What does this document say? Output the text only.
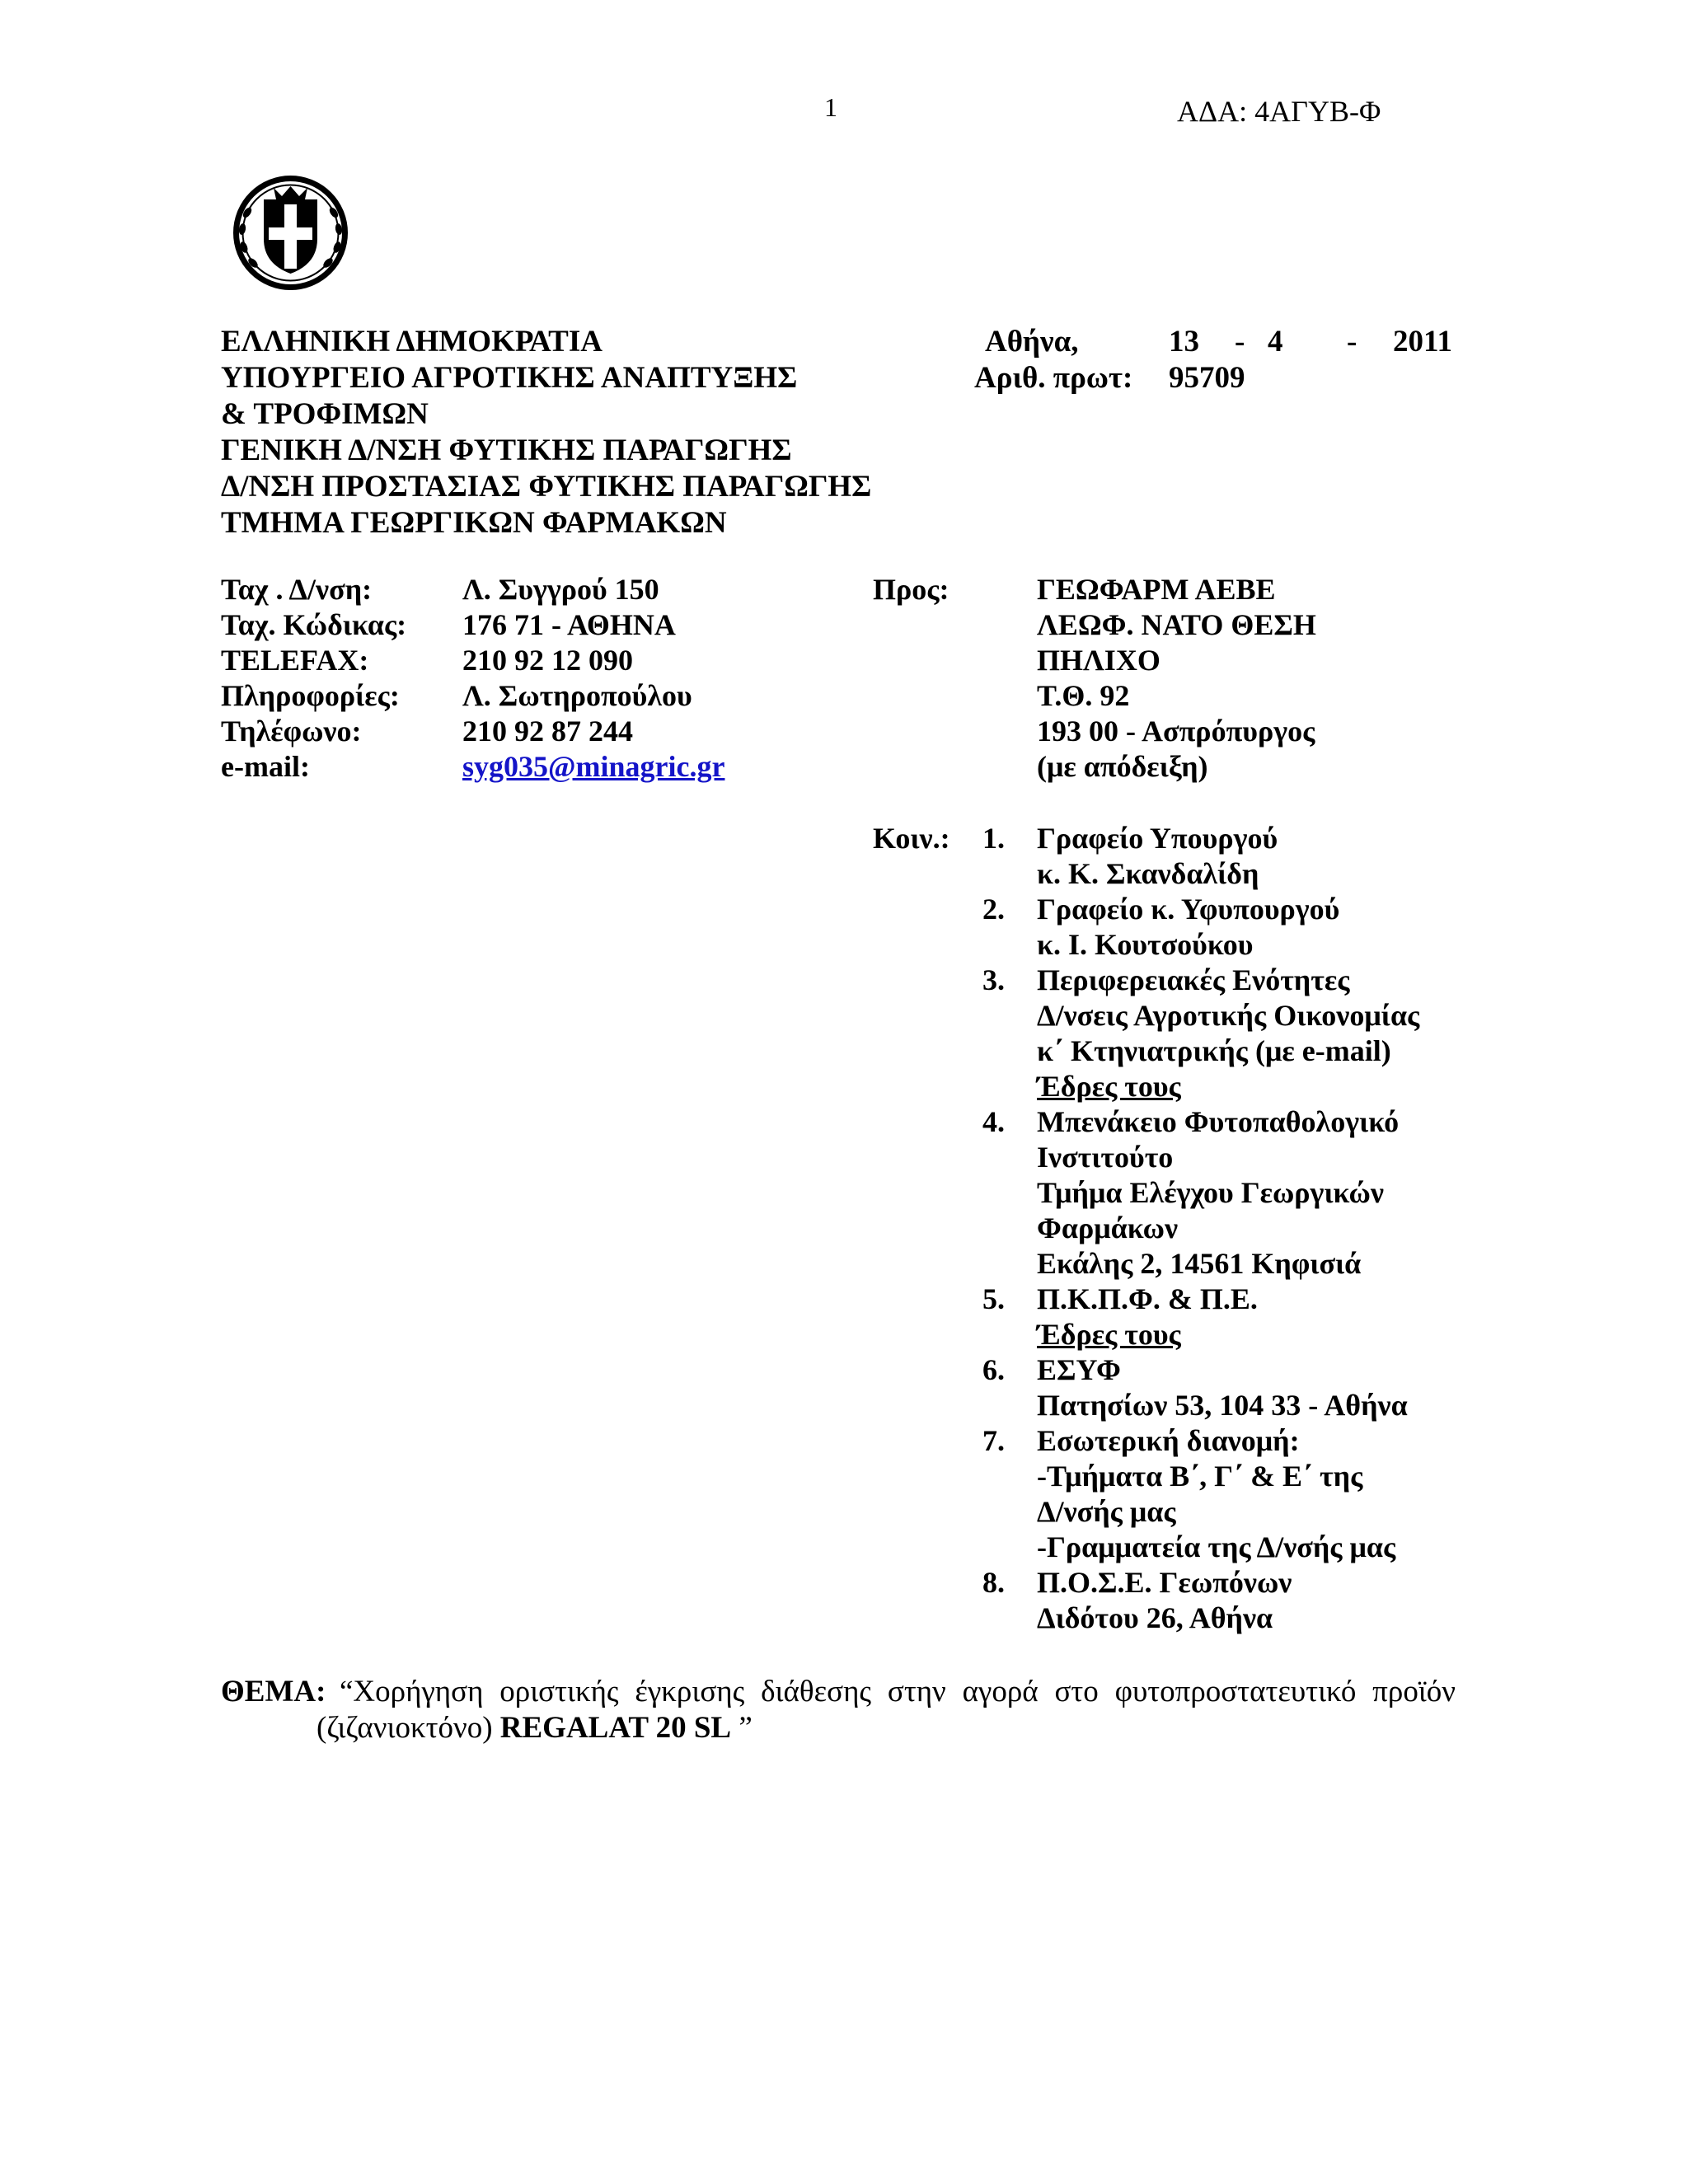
1	ΑΔΑ: 4ΑΓΥΒ-Φ
ΕΛΛΗΝΙΚΗ ΔΗΜΟΚΡΑΤΙΑ
ΥΠΟΥΡΓΕΙΟ ΑΓΡΟΤΙΚΗΣ ΑΝΑΠΤΥΞΗΣ
& ΤΡΟΦΙΜΩΝ
ΓΕΝΙΚΗ Δ/ΝΣΗ ΦΥΤΙΚΗΣ ΠΑΡΑΓΩΓΗΣ
Δ/ΝΣΗ ΠΡΟΣΤΑΣΙΑΣ ΦΥΤΙΚΗΣ ΠΑΡΑΓΩΓΗΣ
ΤΜΗΜΑ ΓΕΩΡΓΙΚΩΝ ΦΑΡΜΑΚΩΝ
Αθήνα,	13 - 4 - 2011
Αριθ. πρωτ: 95709
Ταχ . Δ/νση:	Λ. Συγγρού 150
Ταχ. Κώδικας: 176 71 - ΑΘΗΝΑ
TELEFAX:	210 92 12 090
Πληροφορίες: Λ. Σωτηροπούλου
Τηλέφωνο:	210 92 87 244
e-mail:	syg035@minagric.gr
Προς:	ΓΕΩΦΑΡΜ ΑΕΒΕ
ΛΕΩΦ. ΝΑΤΟ ΘΕΣΗ
ΠΗΛΙΧΟ
Τ.Θ. 92
193 00 - Ασπρόπυργος
(με απόδειξη)
Κοιν.: 1. Γραφείο Υπουργού
κ. Κ. Σκανδαλίδη
2. Γραφείο κ. Υφυπουργού
κ. Ι. Κουτσούκου
3. Περιφερειακές Ενότητες
Δ/νσεις Αγροτικής Οικονομίας
κ΄ Κτηνιατρικής (με e-mail)
Έδρες τους
4. Μπενάκειο Φυτοπαθολογικό
Ινστιτούτο
Τμήμα Ελέγχου Γεωργικών
Φαρμάκων
Εκάλης 2, 14561 Κηφισιά
5. Π.Κ.Π.Φ. & Π.Ε.
Έδρες τους
6. ΕΣΥΦ
Πατησίων 53, 104 33 - Αθήνα
7. Εσωτερική διανομή:
-Τμήματα Β΄, Γ΄ & Ε΄ της
Δ/νσής μας
-Γραμματεία της Δ/νσής μας
8. Π.Ο.Σ.Ε. Γεωπόνων
Διδότου 26, Αθήνα
ΘΕΜΑ: “Χορήγηση οριστικής έγκρισης διάθεσης στην αγορά στο φυτοπροστατευτικό προϊόν
(ζιζανιοκτόνο) REGALAT 20 SL ”
